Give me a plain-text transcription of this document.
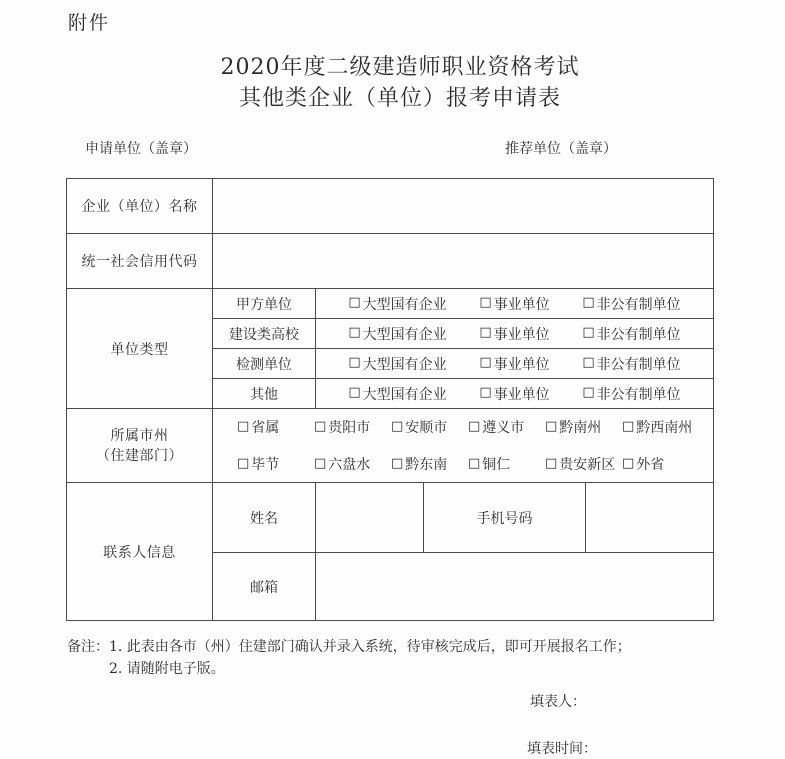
附件
2020年度二级建造师职业资格考试
其他类企业（单位）报考申请表
申请单位（盖章）	推荐单位（盖章）
企业（单位）名称				
统一社会信用代码				
单位类型	甲方单位	□ 大型国有企业	□ 事业单位	□ 非公有制单位

建设类高校	□ 大型国有企业	□ 事业单位	□ 非公有制单位

检测单位	□ 大型国有企业	□ 事业单位	□ 非公有制单位

其他	□ 大型国有企业	□ 事业单位	□ 非公有制单位

所属市州
（住建部门）

□ 省属	□ 贵阳市 □ 安顺市 □ 遵义市 □ 黔南州 □ 黔西南州
□ 毕节	□ 六盘水 □ 黔东南 □ 铜仁	□ 贵安新区 □ 外省

联系人信息	姓名		手机号码	
	邮箱			
备注： 1. 此表由各市（州）住建部门确认并录入系统，待审核完成后，即可开展报名工作；
2. 请随附电子版。
填表人：
填表时间：
